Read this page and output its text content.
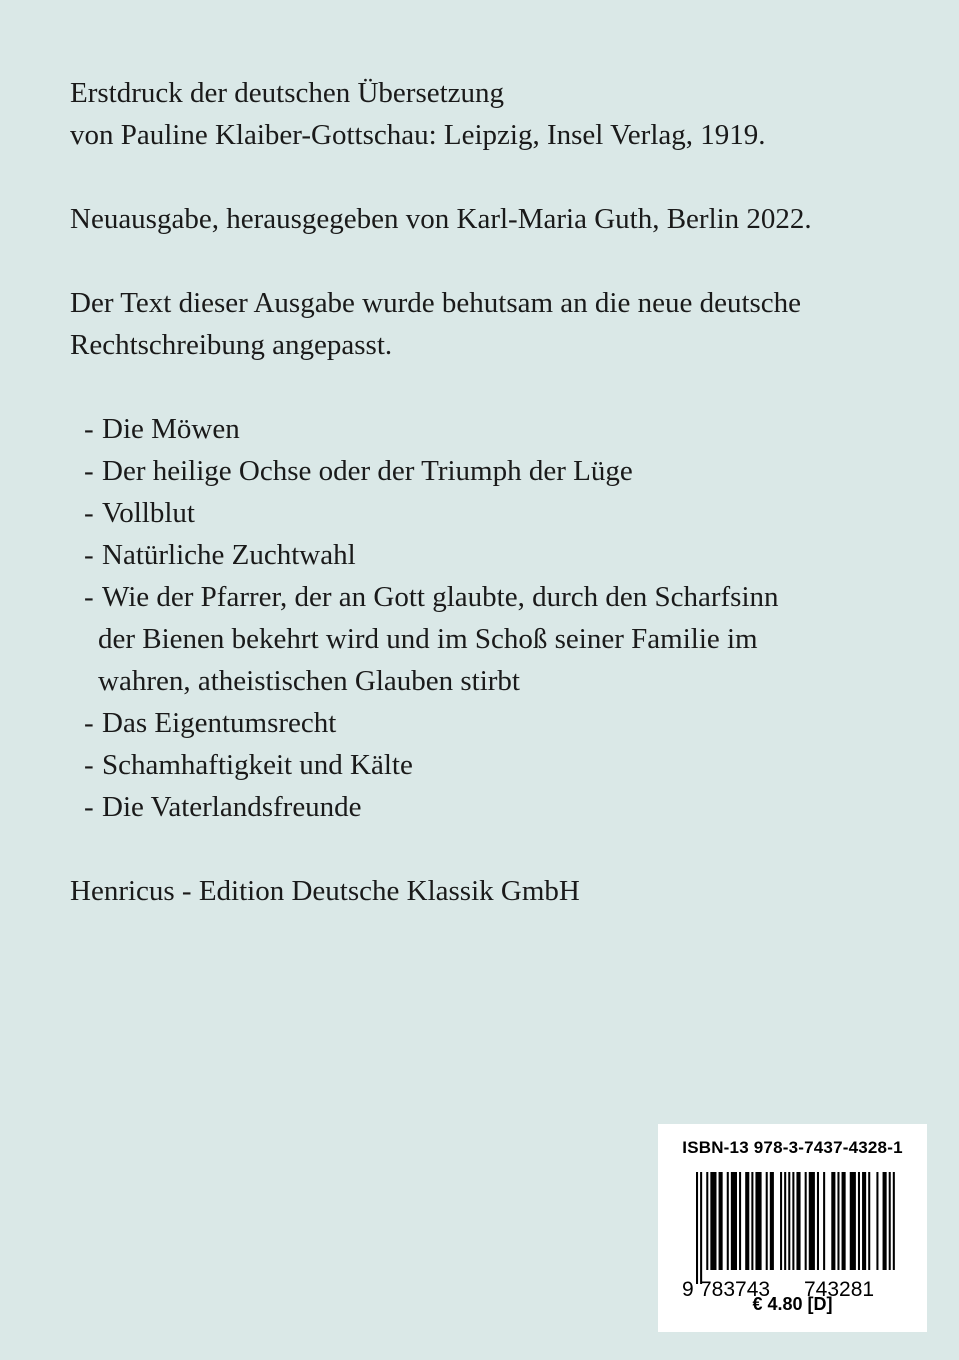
Erstdruck der deutschen Übersetzung
von Pauline Klaiber-Gottschau: Leipzig, Insel Verlag, 1919.

Neuausgabe, herausgegeben von Karl-Maria Guth, Berlin 2022.

Der Text dieser Ausgabe wurde behutsam an die neue deutsche
Rechtschreibung angepasst.

- Die Möwen
- Der heilige Ochse oder der Triumph der Lüge
- Vollblut
- Natürliche Zuchtwahl
- Wie der Pfarrer, der an Gott glaubte, durch den Scharfsinn
der Bienen bekehrt wird und im Schoß seiner Familie im
wahren, atheistischen Glauben stirbt
- Das Eigentumsrecht
- Schamhaftigkeit und Kälte
- Die Vaterlandsfreunde

Henricus - Edition Deutsche Klassik GmbH

ISBN-13 978-3-7437-4328-1
9 783743 743281
€ 4.80 [D]
